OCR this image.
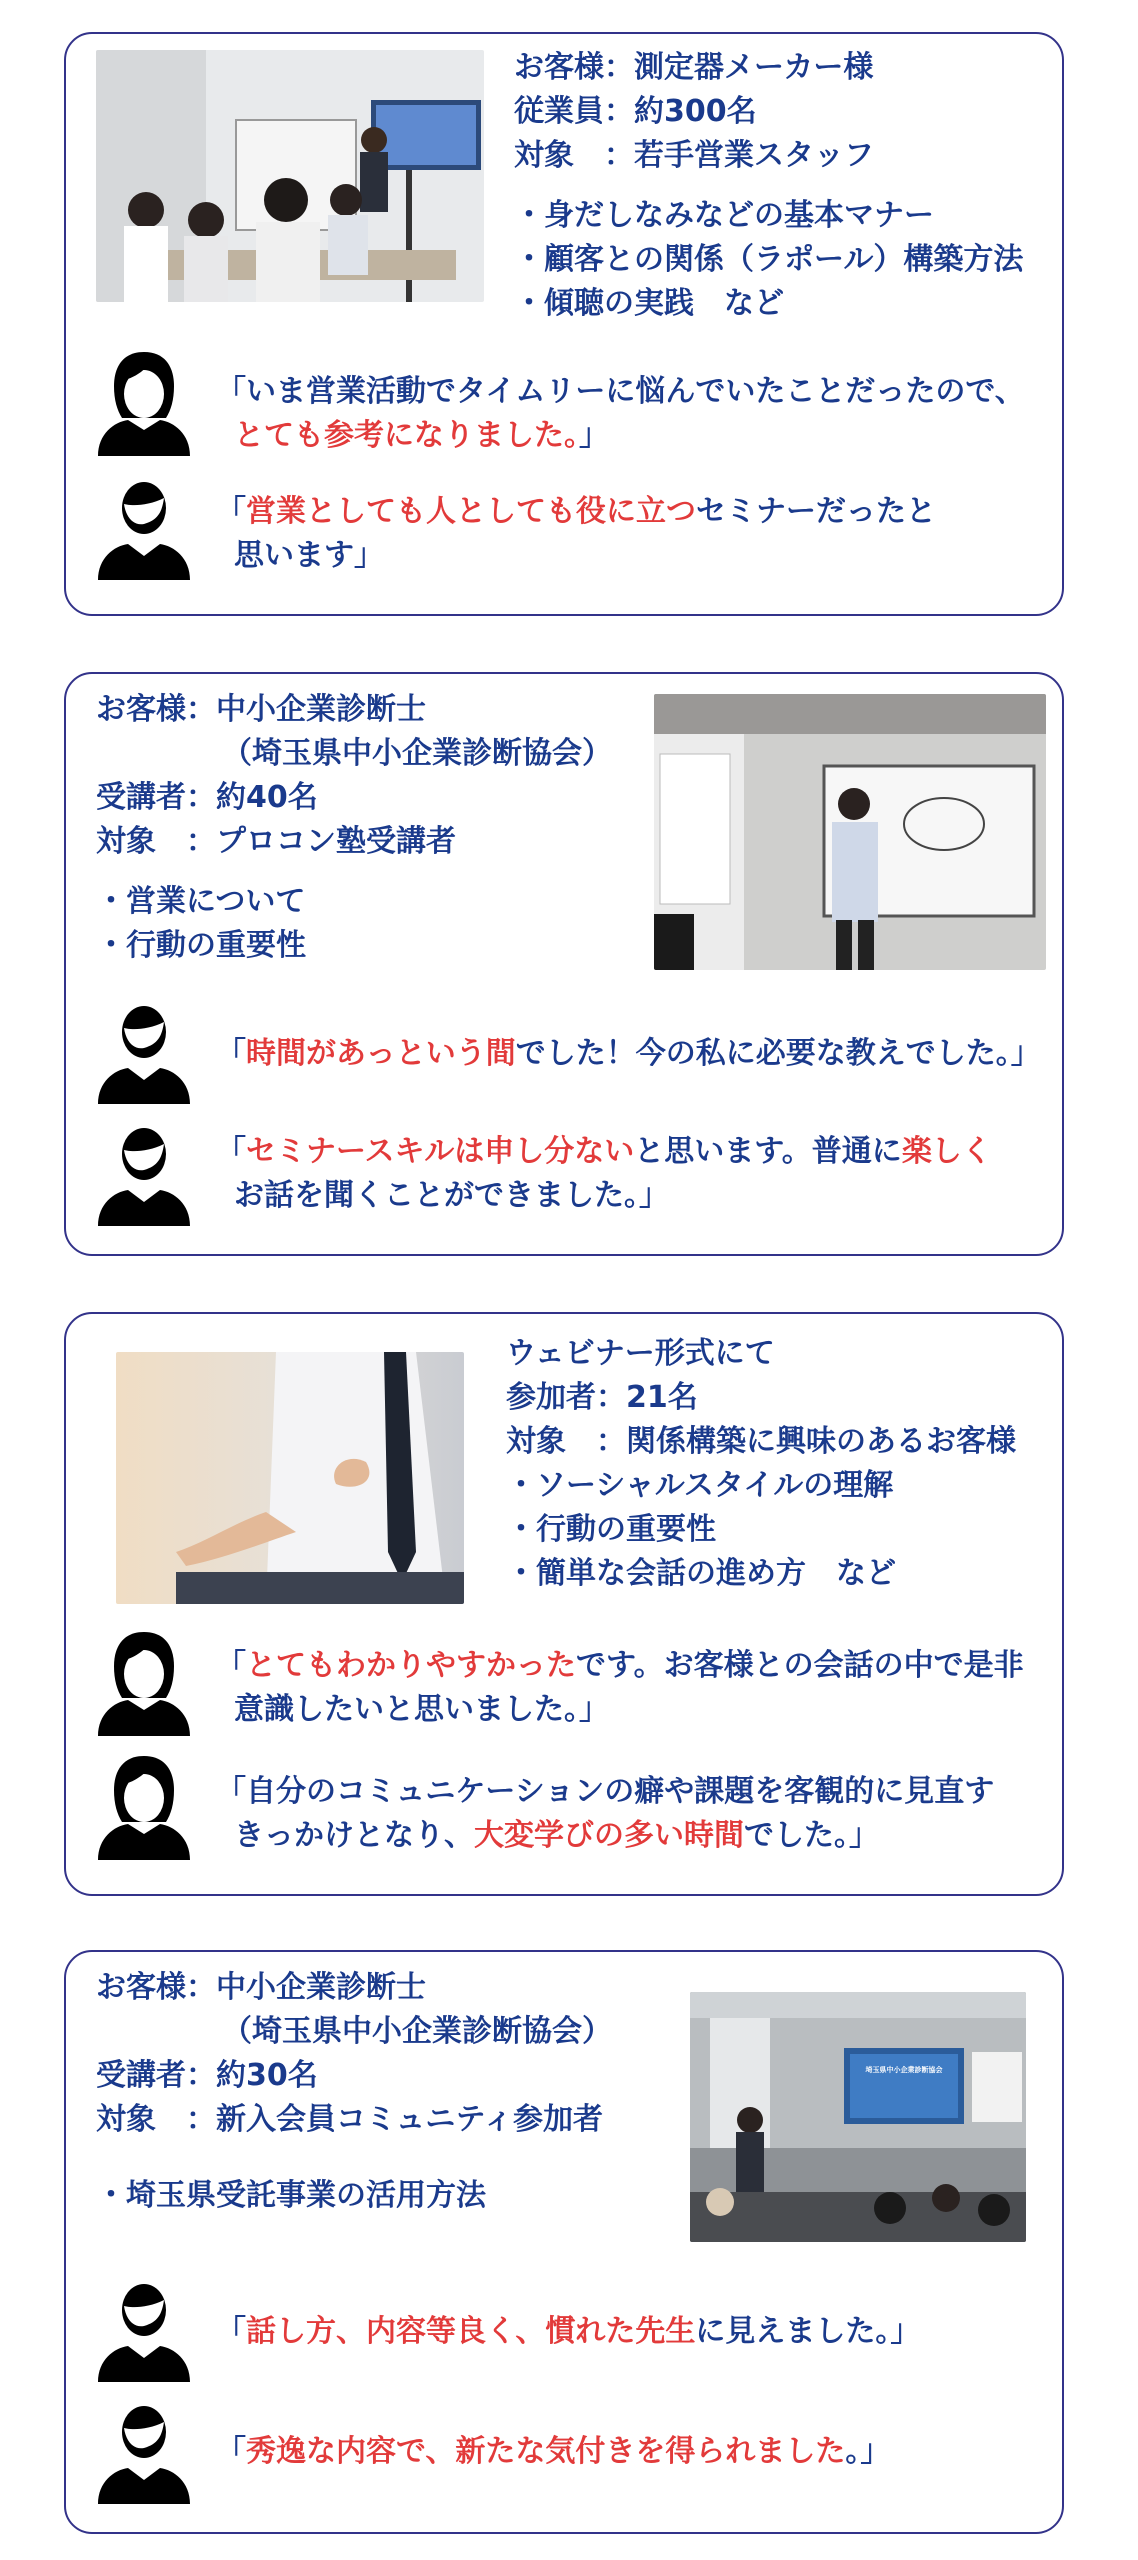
お客様：測定器メーカー様
従業員：約300名
対象　：若手営業スタッフ
・身だしなみなどの基本マナー
・顧客との関係（ラポール）構築方法
・傾聴の実践　など
「いま営業活動でタイムリーに悩んでいたことだったので、
とても参考になりました。」
「営業としても人としても役に立つセミナーだったと
思います」
お客様：中小企業診断士
（埼玉県中小企業診断協会）
受講者：約40名
対象　：プロコン塾受講者
・営業について
・行動の重要性
「時間があっという間でした！今の私に必要な教えでした。」
「セミナースキルは申し分ないと思います。普通に楽しく
お話を聞くことができました。」
ウェビナー形式にて
参加者：21名
対象　：関係構築に興味のあるお客様
・ソーシャルスタイルの理解
・行動の重要性
・簡単な会話の進め方　など
「とてもわかりやすかったです。お客様との会話の中で是非
意識したいと思いました。」
「自分のコミュニケーションの癖や課題を客観的に見直す
きっかけとなり、大変学びの多い時間でした。」
お客様：中小企業診断士
（埼玉県中小企業診断協会）
受講者：約30名
対象　：新入会員コミュニティ参加者
・埼玉県受託事業の活用方法
埼玉県中小企業診断協会
「話し方、内容等良く、慣れた先生に見えました。」
「秀逸な内容で、新たな気付きを得られました。」
